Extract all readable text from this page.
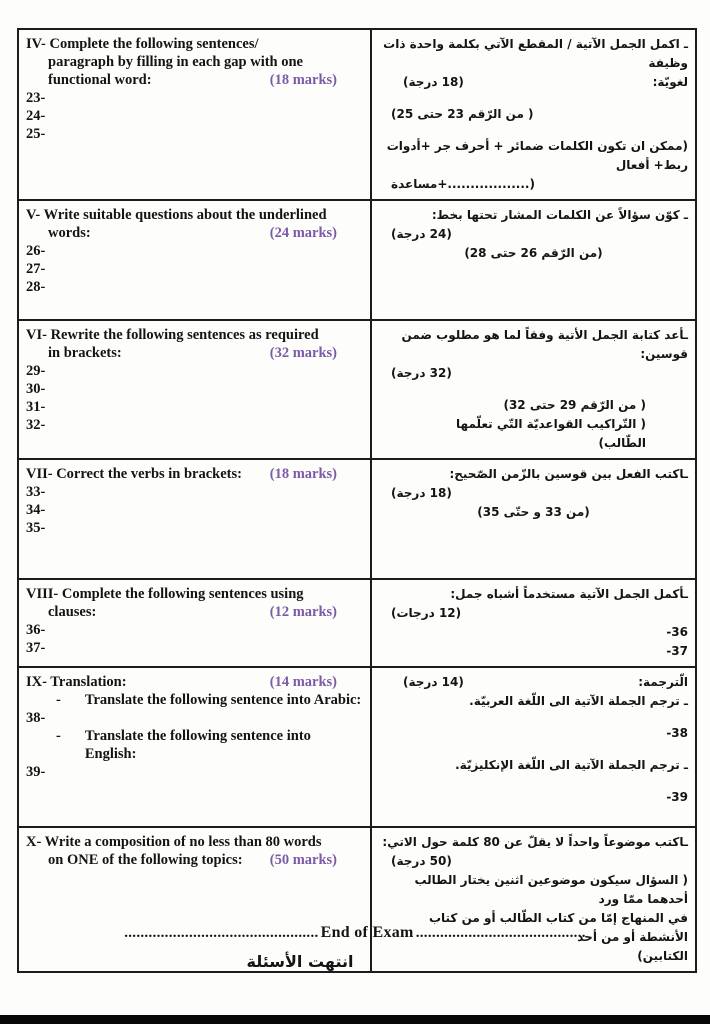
IV- Complete the following sentences/
paragraph by filling in each gap with one
functional word:	(18 marks)
23-
24-
25-
ـ اكمل الجمل الآتية / المقطع الآتي بكلمة واحدة ذات وظيفة
لغويّة:
(18 درجة)
( من الرّقم 23 حتى 25)
(ممكن ان تكون الكلمات ضمائر + أحرف جر +أدوات ربط+ أفعال
مساعدة+..................)
V- Write suitable questions about the underlined
words:	(24 marks)
26-
27-
28-
ـ كوّن سؤالاً عن الكلمات المشار تحتها بخط:
(24 درجة)
(من الرّقم 26 حتى 28)
VI- Rewrite the following sentences as required
in brackets:	(32 marks)
29-
30-
31-
32-
ـأعد كتابة الجمل الأتية وفقاً لما هو مطلوب ضمن قوسين:
(32 درجة)
( من الرّقم 29 حتى 32)
( التّراكيب القواعديّة التّي تعلّمها الطّالب)
VII- Correct the verbs in brackets: (18 marks)
33-
34-
35-
ـاكتب الفعل بين قوسين بالزّمن الصّحيح:
(18 درجة)
(من 33 و حتّى 35)
VIII- Complete the following sentences using
clauses:	(12 marks)
36-
37-
ـأكمل الجمل الآتية مستخدماً أشباه جمل:
(12 درجات)
-36
-37
IX- Translation:	(14 marks)
- Translate the following sentence into Arabic:
38-
- Translate the following sentence into English:
39-
الّترجمة:
(14 درجة)
ـ ترجم الجملة الآتية الى اللّغة العربيّة.
-38
ـ ترجم الجملة الآتية الى اللّغة الإنكليزيّة.
-39
X- Write a composition of no less than 80 words
on ONE of the following topics: (50 marks)
ـاكتب موضوعاً واحداً لا يقلّ عن 80 كلمة حول الاتي:
(50 درجة)
( السؤال سيكون موضوعين اثنين يختار الطالب أحدهما ممّا ورد
في المنهاج إمّا من كتاب الطّالب أو من كتاب الأنشطة أو من أحد
الكتابين)
................................................ End of Exam ..........................................
انتهت الأسئلة
